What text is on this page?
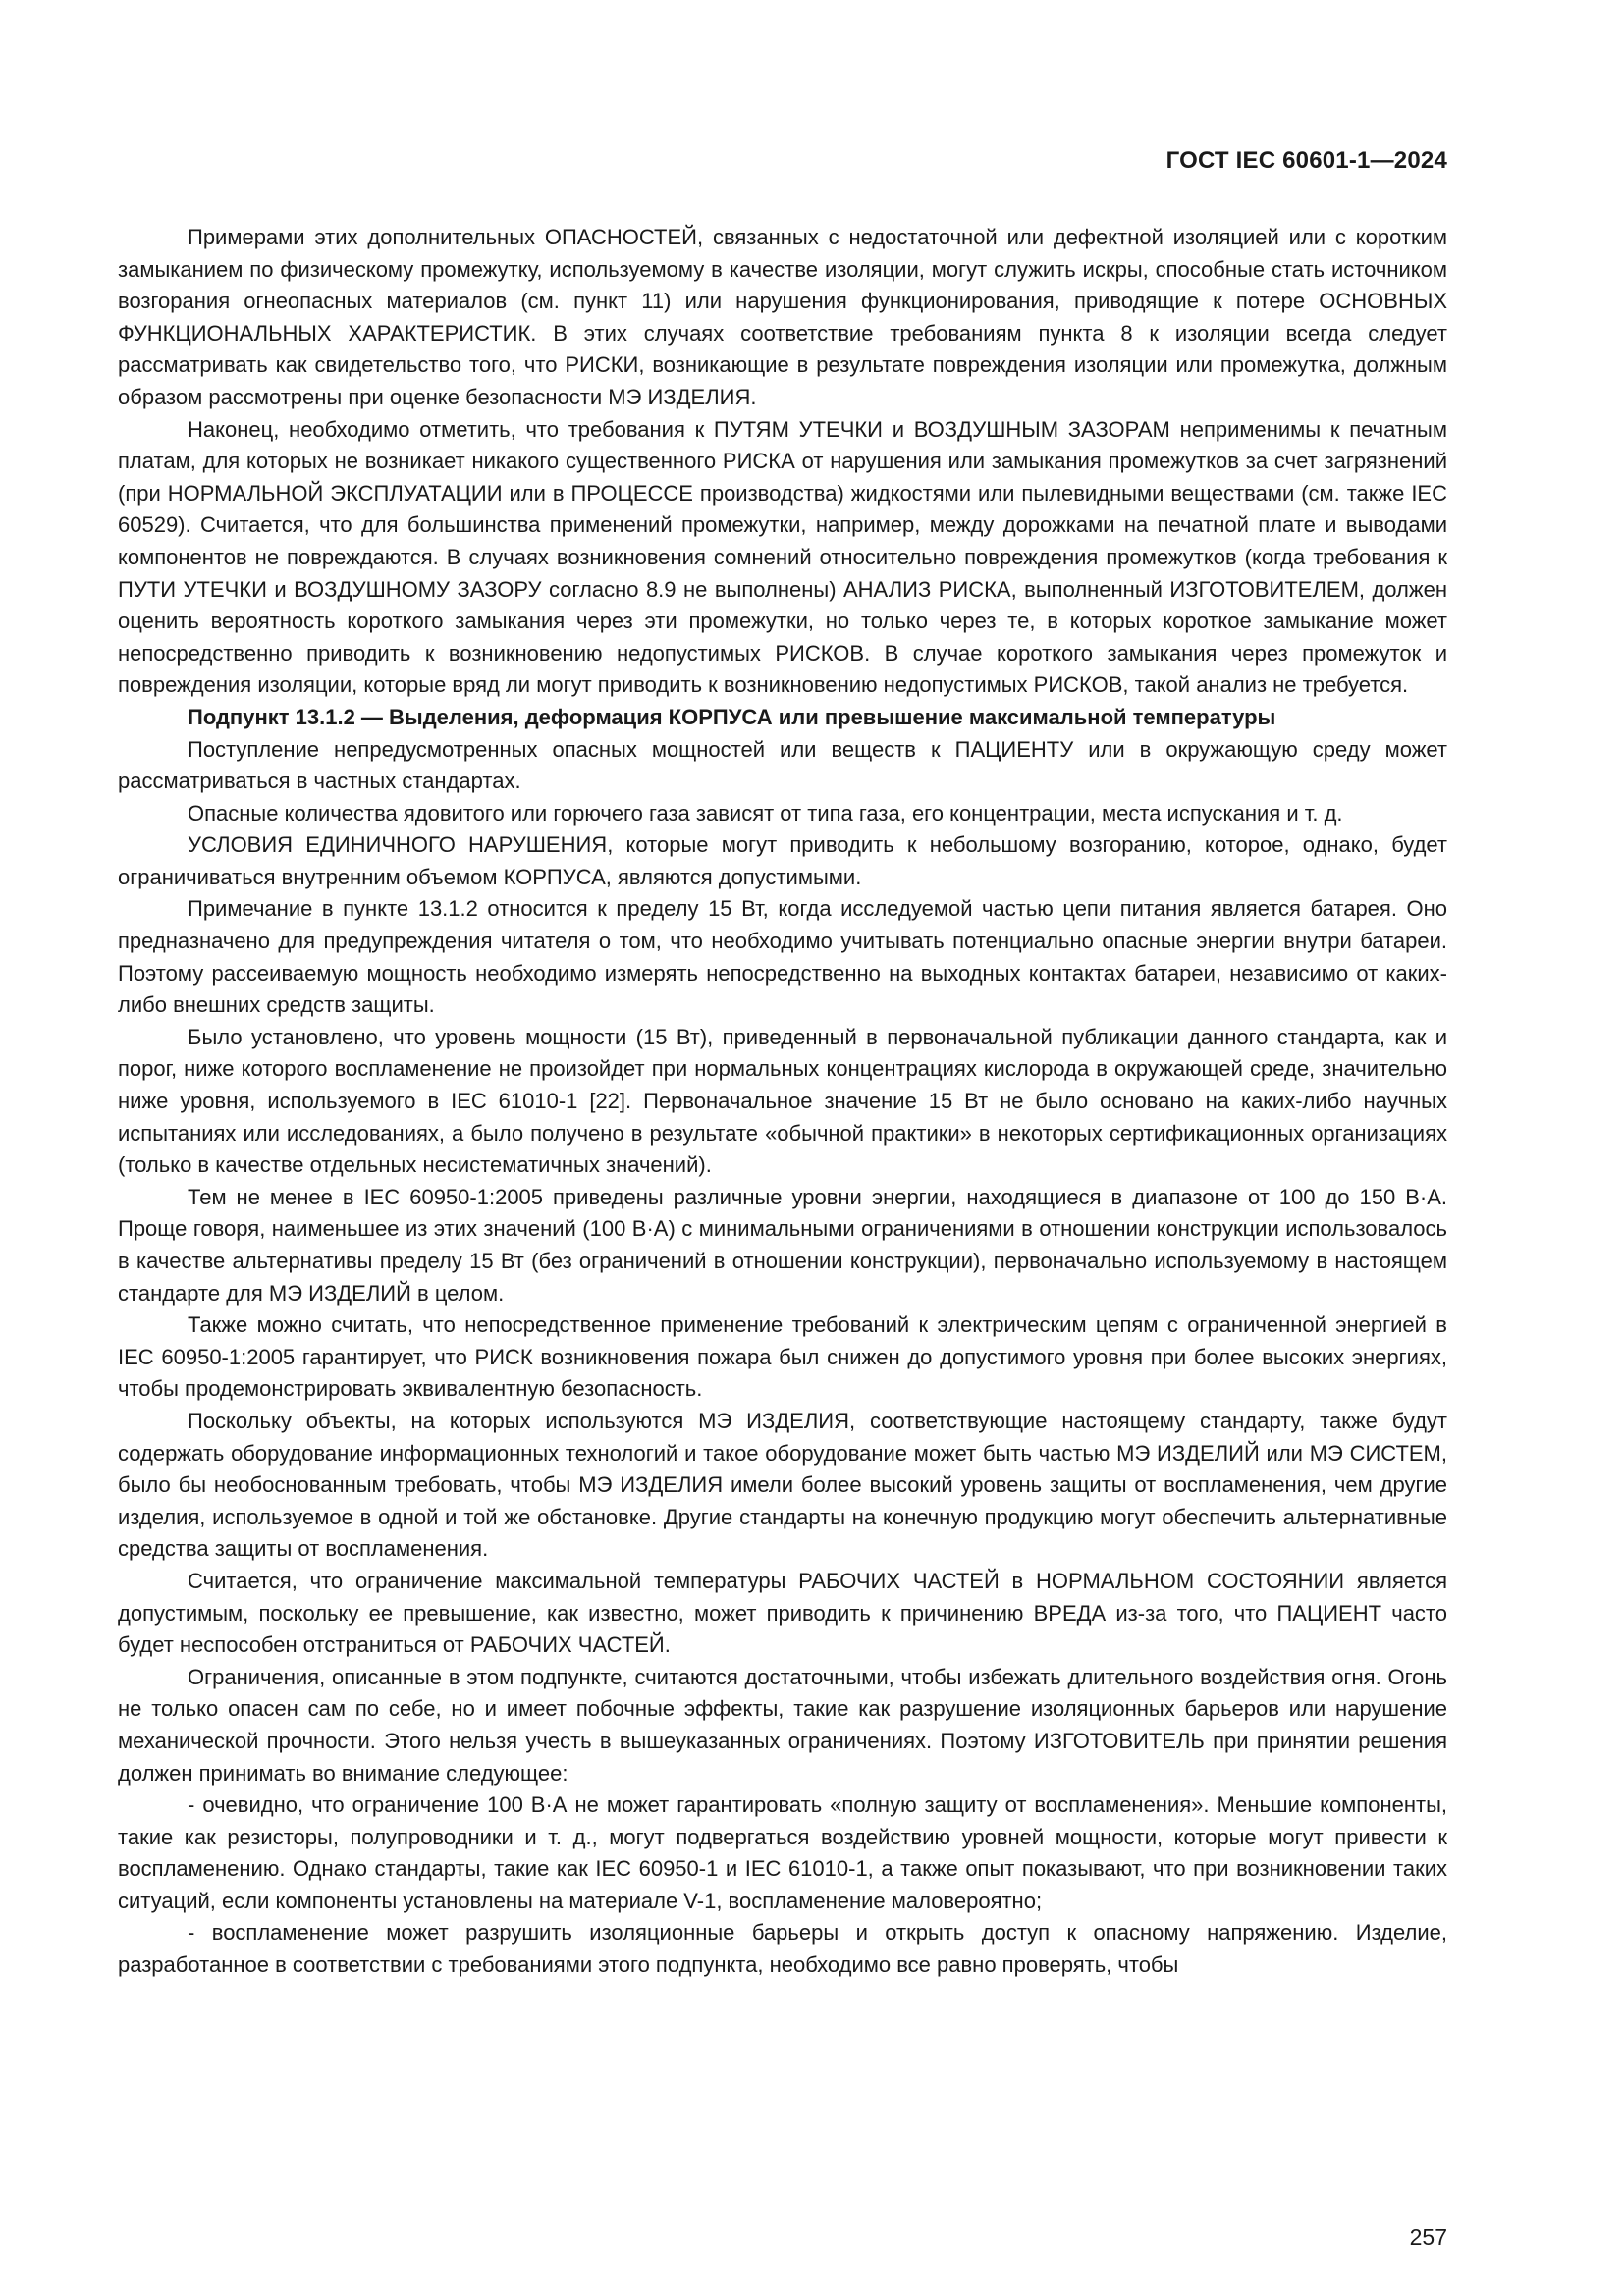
ГОСТ IEC 60601-1—2024

Примерами этих дополнительных ОПАСНОСТЕЙ, связанных с недостаточной или дефектной изоляцией или с коротким замыканием по физическому промежутку, используемому в качестве изоляции, могут служить искры, способные стать источником возгорания огнеопасных материалов (см. пункт 11) или нарушения функционирования, приводящие к потере ОСНОВНЫХ ФУНКЦИОНАЛЬНЫХ ХАРАКТЕРИСТИК. В этих случаях соответствие требованиям пункта 8 к изоляции всегда следует рассматривать как свидетельство того, что РИСКИ, возникающие в результате повреждения изоляции или промежутка, должным образом рассмотрены при оценке безопасности МЭ ИЗДЕЛИЯ.

Наконец, необходимо отметить, что требования к ПУТЯМ УТЕЧКИ и ВОЗДУШНЫМ ЗАЗОРАМ неприменимы к печатным платам, для которых не возникает никакого существенного РИСКА от нарушения или замыкания промежутков за счет загрязнений (при НОРМАЛЬНОЙ ЭКСПЛУАТАЦИИ или в ПРОЦЕССЕ производства) жидкостями или пылевидными веществами (см. также IEC 60529). Считается, что для большинства применений промежутки, например, между дорожками на печатной плате и выводами компонентов не повреждаются. В случаях возникновения сомнений относительно повреждения промежутков (когда требования к ПУТИ УТЕЧКИ и ВОЗДУШНОМУ ЗАЗОРУ согласно 8.9 не выполнены) АНАЛИЗ РИСКА, выполненный ИЗГОТОВИТЕЛЕМ, должен оценить вероятность короткого замыкания через эти промежутки, но только через те, в которых короткое замыкание может непосредственно приводить к возникновению недопустимых РИСКОВ. В случае короткого замыкания через промежуток и повреждения изоляции, которые вряд ли могут приводить к возникновению недопустимых РИСКОВ, такой анализ не требуется.

Подпункт 13.1.2 — Выделения, деформация КОРПУСА или превышение максимальной температуры

Поступление непредусмотренных опасных мощностей или веществ к ПАЦИЕНТУ или в окружающую среду может рассматриваться в частных стандартах.

Опасные количества ядовитого или горючего газа зависят от типа газа, его концентрации, места испускания и т. д.

УСЛОВИЯ ЕДИНИЧНОГО НАРУШЕНИЯ, которые могут приводить к небольшому возгоранию, которое, однако, будет ограничиваться внутренним объемом КОРПУСА, являются допустимыми.

Примечание в пункте 13.1.2 относится к пределу 15 Вт, когда исследуемой частью цепи питания является батарея. Оно предназначено для предупреждения читателя о том, что необходимо учитывать потенциально опасные энергии внутри батареи. Поэтому рассеиваемую мощность необходимо измерять непосредственно на выходных контактах батареи, независимо от каких-либо внешних средств защиты.

Было установлено, что уровень мощности (15 Вт), приведенный в первоначальной публикации данного стандарта, как и порог, ниже которого воспламенение не произойдет при нормальных концентрациях кислорода в окружающей среде, значительно ниже уровня, используемого в IEC 61010-1 [22]. Первоначальное значение 15 Вт не было основано на каких-либо научных испытаниях или исследованиях, а было получено в результате «обычной практики» в некоторых сертификационных организациях (только в качестве отдельных несистематичных значений).

Тем не менее в IEC 60950-1:2005 приведены различные уровни энергии, находящиеся в диапазоне от 100 до 150 В·А. Проще говоря, наименьшее из этих значений (100 В·А) с минимальными ограничениями в отношении конструкции использовалось в качестве альтернативы пределу 15 Вт (без ограничений в отношении конструкции), первоначально используемому в настоящем стандарте для МЭ ИЗДЕЛИЙ в целом.

Также можно считать, что непосредственное применение требований к электрическим цепям с ограниченной энергией в IEC 60950-1:2005 гарантирует, что РИСК возникновения пожара был снижен до допустимого уровня при более высоких энергиях, чтобы продемонстрировать эквивалентную безопасность.

Поскольку объекты, на которых используются МЭ ИЗДЕЛИЯ, соответствующие настоящему стандарту, также будут содержать оборудование информационных технологий и такое оборудование может быть частью МЭ ИЗДЕЛИЙ или МЭ СИСТЕМ, было бы необоснованным требовать, чтобы МЭ ИЗДЕЛИЯ имели более высокий уровень защиты от воспламенения, чем другие изделия, используемое в одной и той же обстановке. Другие стандарты на конечную продукцию могут обеспечить альтернативные средства защиты от воспламенения.

Считается, что ограничение максимальной температуры РАБОЧИХ ЧАСТЕЙ в НОРМАЛЬНОМ СОСТОЯНИИ является допустимым, поскольку ее превышение, как известно, может приводить к причинению ВРЕДА из-за того, что ПАЦИЕНТ часто будет неспособен отстраниться от РАБОЧИХ ЧАСТЕЙ.

Ограничения, описанные в этом подпункте, считаются достаточными, чтобы избежать длительного воздействия огня. Огонь не только опасен сам по себе, но и имеет побочные эффекты, такие как разрушение изоляционных барьеров или нарушение механической прочности. Этого нельзя учесть в вышеуказанных ограничениях. Поэтому ИЗГОТОВИТЕЛЬ при принятии решения должен принимать во внимание следующее:

- очевидно, что ограничение 100 В·А не может гарантировать «полную защиту от воспламенения». Меньшие компоненты, такие как резисторы, полупроводники и т. д., могут подвергаться воздействию уровней мощности, которые могут привести к воспламенению. Однако стандарты, такие как IEC 60950-1 и IEC 61010-1, а также опыт показывают, что при возникновении таких ситуаций, если компоненты установлены на материале V-1, воспламенение маловероятно;

- воспламенение может разрушить изоляционные барьеры и открыть доступ к опасному напряжению. Изделие, разработанное в соответствии с требованиями этого подпункта, необходимо все равно проверять, чтобы

257
